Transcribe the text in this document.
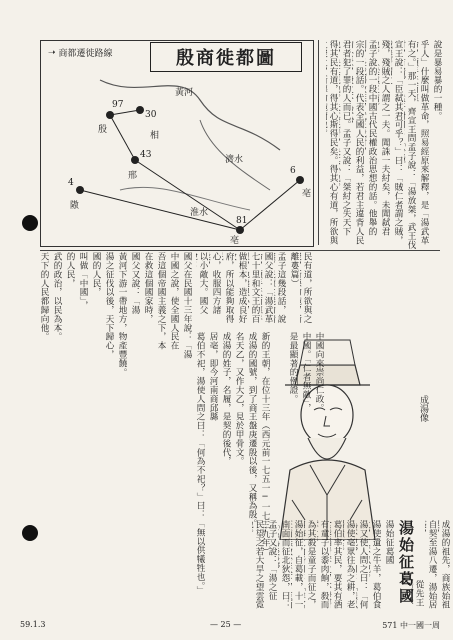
殷商徙都圖
➝ 商都遷徙路線
97
殷
30
相
43
邢	6
亳
81
亳
4
隞
黃河
濟水
淮水
說是暴易暴的一種。
乎人」什麼叫做革命，照易經原來解釋，是「湯武革
有之。」那一天，齊宣王問孟子說：「湯放桀，武王伐
宣王說：「臣弑其君可乎？」曰：「賊仁者謂之賊，
殘，殘賊之人謂之一夫。聞誅一夫紂矣，未聞弑君
孟子說的一段中國古代民權政治思想的話。他舉的
宗的一段話。代表全國人民的利益，若君主違背人民
君者犯了罪的人而已。孟子又說：「桀紂之失天下
得其民有道，得其心斯得民矣。得其心有道，所欲與
民有道，所欲與之
離婁篇）
孟子這幾段話，說
國父說：「湯武革
七十里和文王的百
做根本，造成良好
府，所以能夠取得
心，收服四方諸
以小敵大。國父
國父在民國十三年說：「湯
中國之說，使全國人民在
吾這個帝國主義之下，本
在救這個國家時，
國父又說：「湯
黃河下游一帶地方，物產豐饒。
湯之征伐以後，天下歸心，
國的人民，
叫做「中國」，
的人民，
武的政治，以民為本。
天下的人民都歸向他。
新的王朝，在位十三年（西元前一七五一─一七三九年）
成湯的國號，到了商王盤庚遷殷以後，又稱為殷。
名天乙，又作大乙，見於甲骨文。
成湯的姓子，名履，是契的後代，
居亳，即今河南商邱縣
葛伯不祀，湯使人問之曰：「何為不祀？」曰：「無以供犧牲也。」	成湯像
湯始征葛國
湯始征葛國
湯使遺之牛羊，葛伯食
湯又使人問之曰：「何
湯使亳眾往為之耕，老
葛伯率其民，要其有酒
有童子以黍肉餉，殺而
為其殺是童子而征之，
湯始征，自葛載，十一
南面而征北狄怨，曰：
孟子又說：「湯之征
民望之若大旱之望雲霓
成湯的祖先，商族始祖
自契至湯八遷，湯始居
從先王
中國向來崇尚仁政。
中國。「仁者無敵」，
是最顯著的例證。
59.1.3	— 25 —	571 中一國一周
